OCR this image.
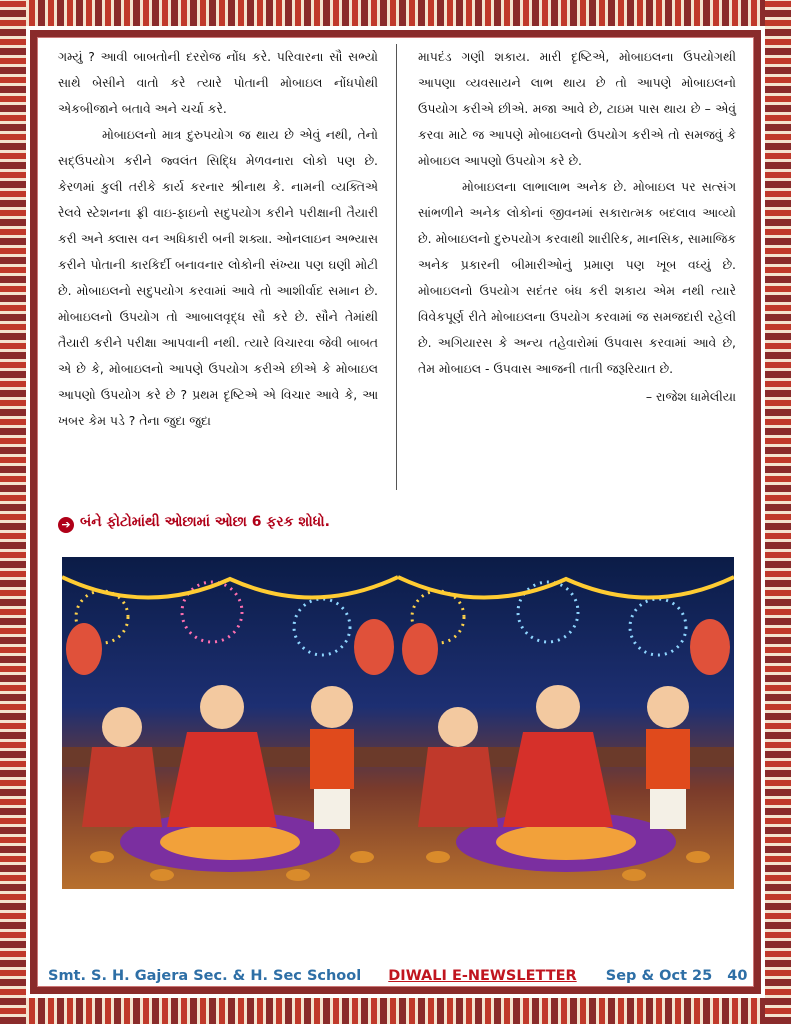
ગમ્યું ? આવી બાબતોની દરરોજ નોંધ કરે. પરિવારના સૌ સભ્યો સાથે બેસીને વાતો કરે ત્યારે પોતાની મોબાઇલ નોંધપોથી એકબીજાને બતાવે અને ચર્ચા કરે.

મોબાઇલનો માત્ર દુરુપયોગ જ થાય છે એવું નથી, તેનો સદ્‌ઉપયોગ કરીને જ્વલંત સિદ્ધિ મેળવનારા લોકો પણ છે. કેરળમાં કુલી તરીકે કાર્ય કરનાર શ્રીનાથ કે. નામની વ્યક્તિએ રેલવે સ્ટેશનના ફ્રી વાઇ-ફાઇનો સદુપયોગ કરીને પરીક્ષાની તૈયારી કરી અને ક્લાસ વન અધિકારી બની શક્યા. ઓનલાઇન અભ્યાસ કરીને પોતાની કારકિર્દી બનાવનાર લોકોની સંખ્યા પણ ઘણી મોટી છે. મોબાઇલનો સદુપયોગ કરવામાં આવે તો આશીર્વાદ સમાન છે. મોબાઇલનો ઉપયોગ તો આબાલવૃદ્ધ સૌ કરે છે. સૌને તેમાંથી તૈયારી કરીને પરીક્ષા આપવાની નથી. ત્યારે વિચારવા જેવી બાબત એ છે કે, મોબાઇલનો આપણે ઉપયોગ કરીએ છીએ કે મોબાઇલ આપણો ઉપયોગ કરે છે ? પ્રથમ દૃષ્ટિએ એ વિચાર આવે કે, આ ખબર કેમ પડે ? તેના જુદા જુદા

માપદંડ ગણી શકાય. મારી દૃષ્ટિએ, મોબાઇલના ઉપયોગથી આપણા વ્યવસાયને લાભ થાય છે તો આપણે મોબાઇલનો ઉપયોગ કરીએ છીએ. મજા આવે છે, ટાઇમ પાસ થાય છે – એવું કરવા માટે જ આપણે મોબાઇલનો ઉપયોગ કરીએ તો સમજવું કે મોબાઇલ આપણો ઉપયોગ કરે છે.

મોબાઇલના લાભાલાભ અનેક છે. મોબાઇલ પર સત્સંગ સાંભળીને અનેક લોકોનાં જીવનમાં સકારાત્મક બદલાવ આવ્યો છે. મોબાઇલનો દુરુપયોગ કરવાથી શારીરિક, માનસિક, સામાજિક અનેક પ્રકારની બીમારીઓનું પ્રમાણ પણ ખૂબ વધ્યું છે. મોબાઇલનો ઉપયોગ સદંતર બંધ કરી શકાય એમ નથી ત્યારે વિવેકપૂર્ણ રીતે મોબાઇલના ઉપયોગ કરવામાં જ સમજદારી રહેલી છે. અગિયારસ કે અન્ય તહેવારોમાં ઉપવાસ કરવામાં આવે છે, તેમ મોબાઇલ - ઉપવાસ આજની તાતી જરૂરિયાત છે.

– રાજેશ ધામેલીયા

➔ બંને ફોટોમાંથી ઓછામાં ઓછા 6 ફરક શોધો.
Smt. S. H. Gajera Sec. & H. Sec School DIWALI E-NEWSLETTER Sep & Oct 25 40
